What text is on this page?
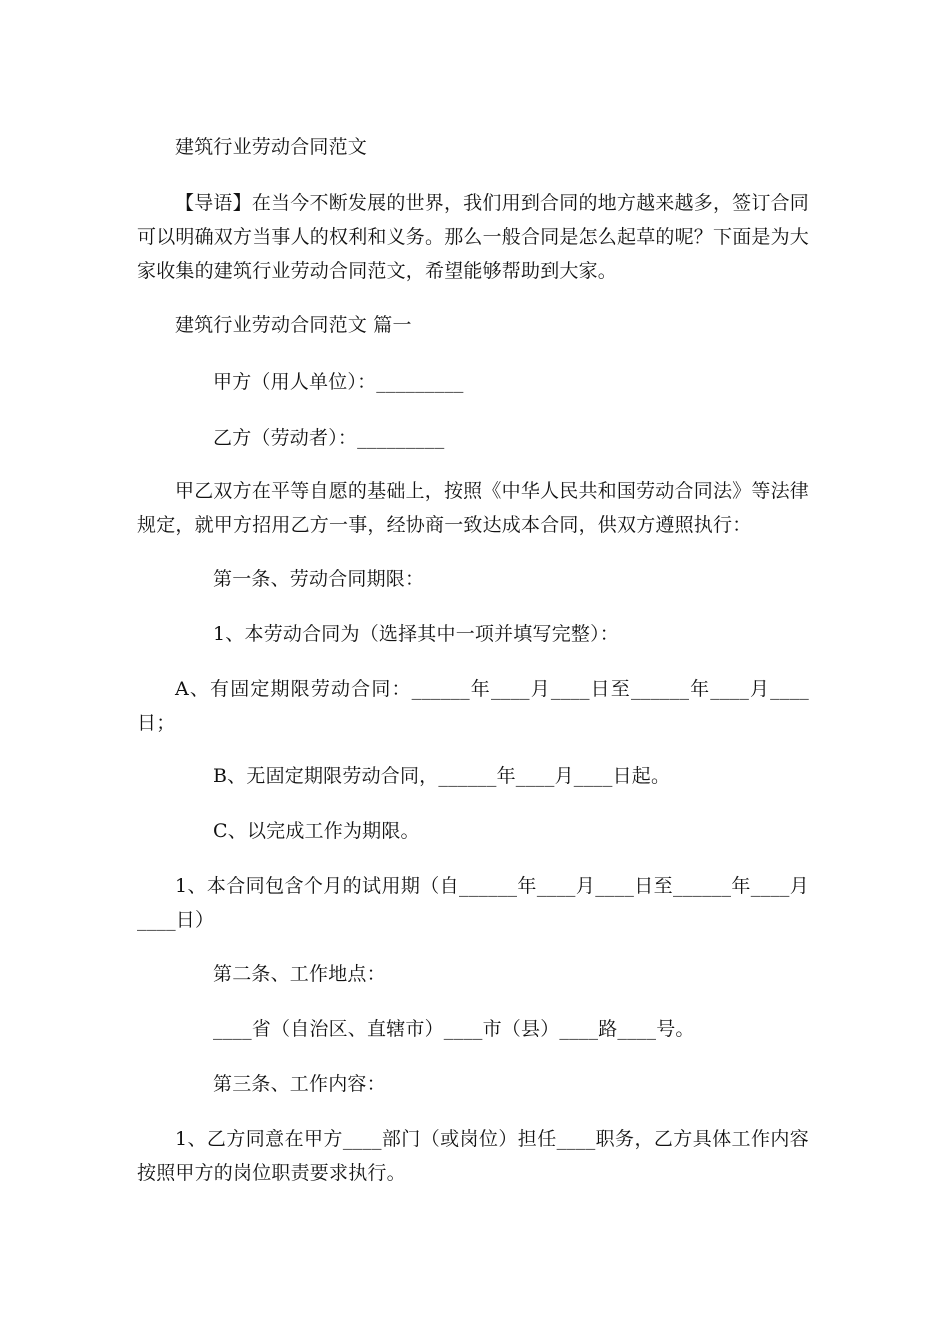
建筑行业劳动合同范文
【导语】在当今不断发展的世界，我们用到合同的地方越来越多，签订合同可以明确双方当事人的权利和义务。那么一般合同是怎么起草的呢？下面是为大家收集的建筑行业劳动合同范文，希望能够帮助到大家。
建筑行业劳动合同范文 篇一
甲方（用人单位）：_________
乙方（劳动者）：_________
甲乙双方在平等自愿的基础上，按照《中华人民共和国劳动合同法》等法律规定，就甲方招用乙方一事，经协商一致达成本合同，供双方遵照执行：
第一条、劳动合同期限：
1、本劳动合同为（选择其中一项并填写完整）：
A、有固定期限劳动合同：______年____月____日至______年____月____日；
B、无固定期限劳动合同，______年____月____日起。
C、以完成工作为期限。
1、本合同包含个月的试用期（自______年____月____日至______年____月____日）
第二条、工作地点：
____省（自治区、直辖市）____市（县）____路____号。
第三条、工作内容：
1、乙方同意在甲方____部门（或岗位）担任____职务，乙方具体工作内容按照甲方的岗位职责要求执行。
